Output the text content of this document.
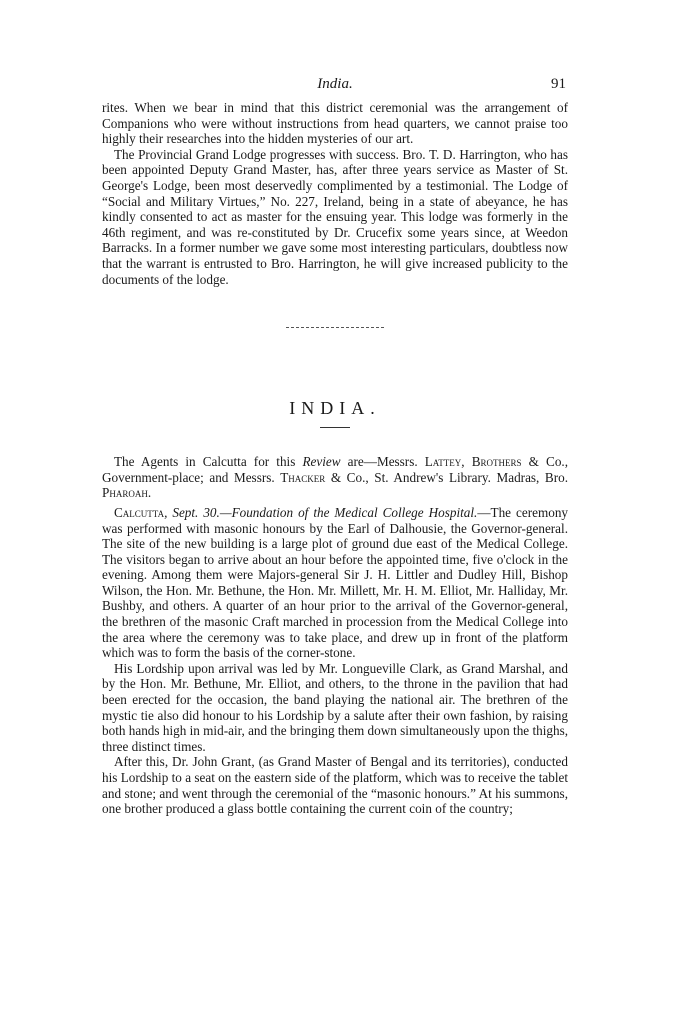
India.	91

rites. When we bear in mind that this district ceremonial was the arrangement of Companions who were without instructions from head quarters, we cannot praise too highly their researches into the hidden mysteries of our art.

The Provincial Grand Lodge progresses with success. Bro. T. D. Harrington, who has been appointed Deputy Grand Master, has, after three years service as Master of St. George's Lodge, been most deservedly complimented by a testimonial. The Lodge of “Social and Military Virtues,” No. 227, Ireland, being in a state of abeyance, he has kindly consented to act as master for the ensuing year. This lodge was formerly in the 46th regiment, and was re-constituted by Dr. Crucefix some years since, at Weedon Barracks. In a former number we gave some most interesting particulars, doubtless now that the warrant is entrusted to Bro. Harrington, he will give increased publicity to the documents of the lodge.

INDIA.

The Agents in Calcutta for this Review are—Messrs. Lattey, Brothers & Co., Government-place; and Messrs. Thacker & Co., St. Andrew's Library. Madras, Bro. Pharoah.

Calcutta, Sept. 30.—Foundation of the Medical College Hospital.—The ceremony was performed with masonic honours by the Earl of Dalhousie, the Governor-general. The site of the new building is a large plot of ground due east of the Medical College. The visitors began to arrive about an hour before the appointed time, five o'clock in the evening. Among them were Majors-general Sir J. H. Littler and Dudley Hill, Bishop Wilson, the Hon. Mr. Bethune, the Hon. Mr. Millett, Mr. H. M. Elliot, Mr. Halliday, Mr. Bushby, and others. A quarter of an hour prior to the arrival of the Governor-general, the brethren of the masonic Craft marched in procession from the Medical College into the area where the ceremony was to take place, and drew up in front of the platform which was to form the basis of the corner-stone.

His Lordship upon arrival was led by Mr. Longueville Clark, as Grand Marshal, and by the Hon. Mr. Bethune, Mr. Elliot, and others, to the throne in the pavilion that had been erected for the occasion, the band playing the national air. The brethren of the mystic tie also did honour to his Lordship by a salute after their own fashion, by raising both hands high in mid-air, and the bringing them down simultaneously upon the thighs, three distinct times.

After this, Dr. John Grant, (as Grand Master of Bengal and its territories), conducted his Lordship to a seat on the eastern side of the platform, which was to receive the tablet and stone; and went through the ceremonial of the “masonic honours.” At his summons, one brother produced a glass bottle containing the current coin of the country;
